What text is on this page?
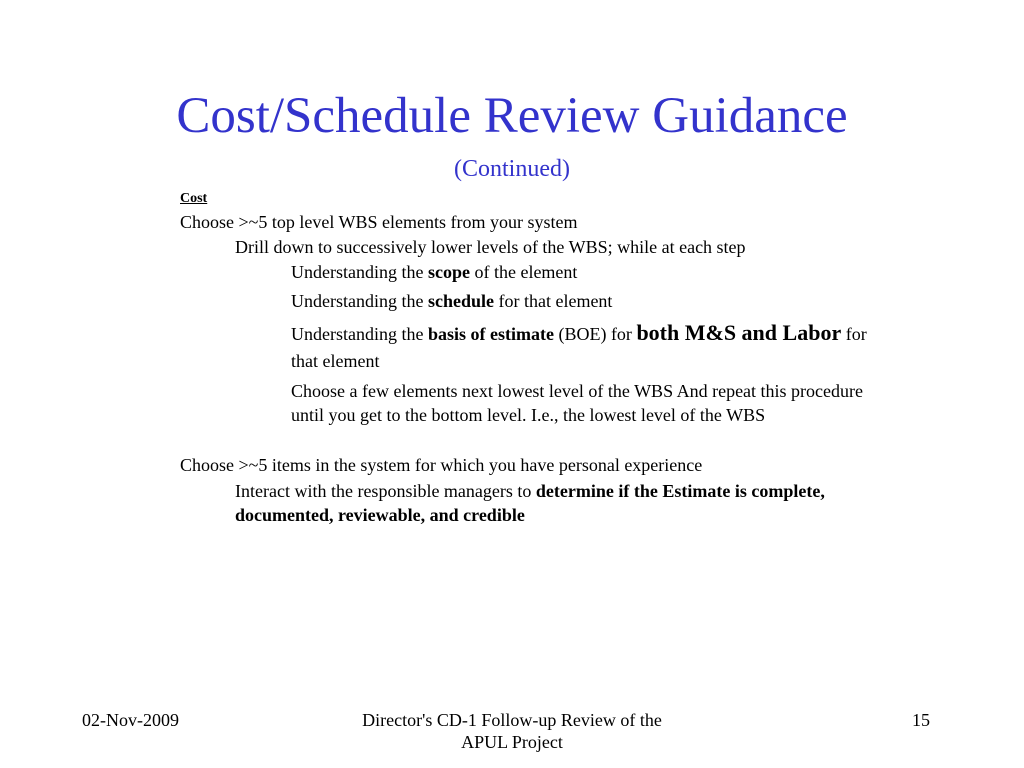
Cost/Schedule Review Guidance
(Continued)
Cost
Choose >~5 top level WBS elements from your system
Drill down to successively lower levels of the WBS; while at each step
Understanding the scope of the element
Understanding the schedule for that element
Understanding the basis of estimate (BOE) for both M&S and Labor for that element
Choose a few elements next lowest level of the WBS And repeat this procedure until you get to the bottom level. I.e., the lowest level of the WBS
Choose >~5 items in the system for which you have personal experience
Interact with the responsible managers to determine if the Estimate is complete, documented, reviewable, and credible
02-Nov-2009	Director's CD-1 Follow-up Review of the APUL Project
15
